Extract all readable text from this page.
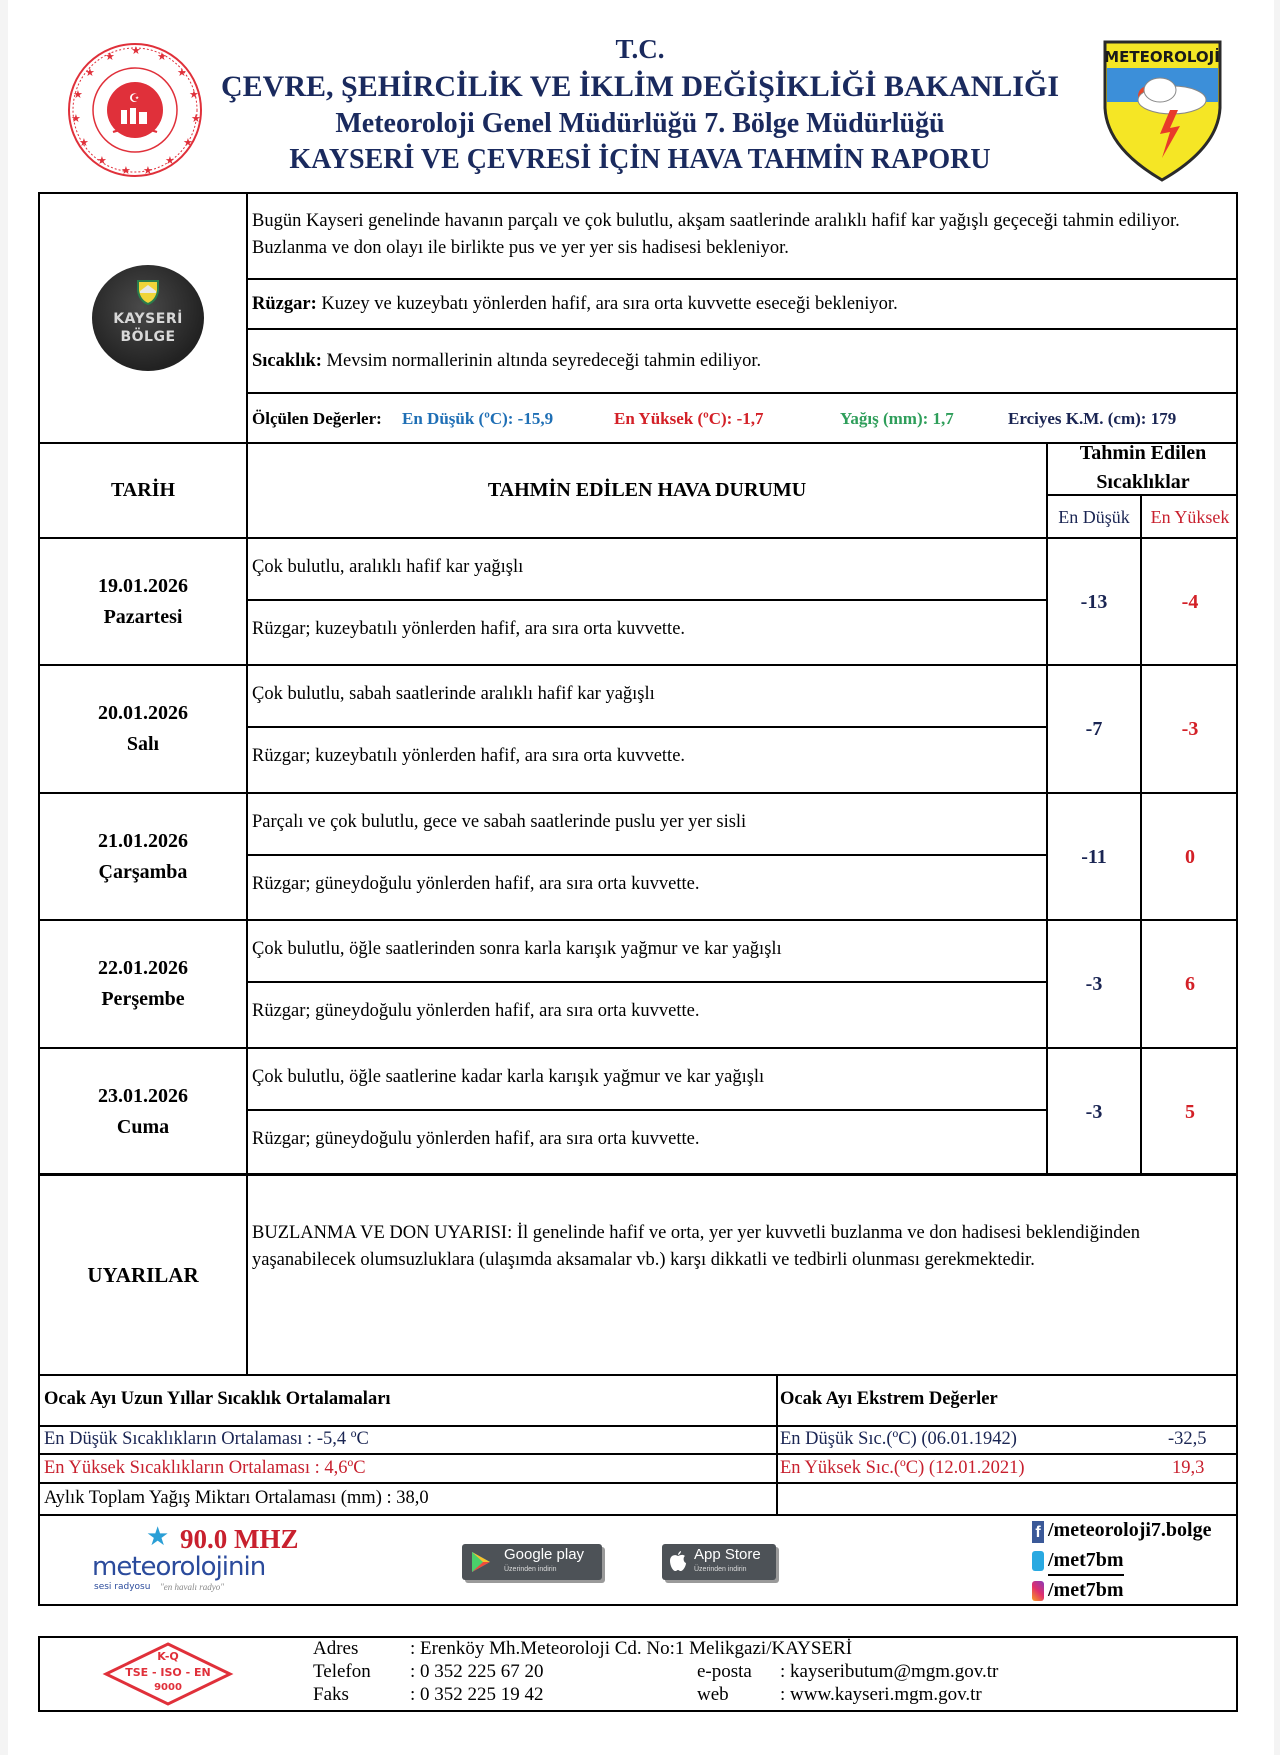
★
★	★
★	★
★	★
★	★
★	★
★	★
★ ★
☪
T.C.
ÇEVRE, ŞEHİRCİLİK VE İKLİM DEĞİŞİKLİĞİ BAKANLIĞI
Meteoroloji Genel Müdürlüğü 7. Bölge Müdürlüğü
KAYSERİ VE ÇEVRESİ İÇİN HAVA TAHMİN RAPORU
METEOROLOJİ
KAYSERİ
BÖLGE
Bugün Kayseri genelinde havanın parçalı ve çok bulutlu, akşam saatlerinde aralıklı hafif kar yağışlı geçeceği tahmin ediliyor. Buzlanma ve don olayı ile birlikte pus ve yer yer sis hadisesi bekleniyor.
Rüzgar: Kuzey ve kuzeybatı yönlerden hafif, ara sıra orta kuvvette eseceği bekleniyor.
Sıcaklık: Mevsim normallerinin altında seyredeceği tahmin ediliyor.
Ölçülen Değerler: En Düşük (ºC): -15,9	En Yüksek (ºC): -1,7	Yağış (mm): 1,7	Erciyes K.M. (cm): 179
TARİH	TAHMİN EDİLEN HAVA DURUMU
Tahmin Edilen
Sıcaklıklar
En Düşük	En Yüksek
19.01.2026
Pazartesi
Çok bulutlu, aralıklı hafif kar yağışlı
Rüzgar; kuzeybatılı yönlerden hafif, ara sıra orta kuvvette.
-13	-4
20.01.2026
Salı
Çok bulutlu, sabah saatlerinde aralıklı hafif kar yağışlı
Rüzgar; kuzeybatılı yönlerden hafif, ara sıra orta kuvvette.
-7	-3
21.01.2026
Çarşamba
Parçalı ve çok bulutlu, gece ve sabah saatlerinde puslu yer yer sisli
Rüzgar; güneydoğulu yönlerden hafif, ara sıra orta kuvvette.
-11	0
22.01.2026
Perşembe
Çok bulutlu, öğle saatlerinden sonra karla karışık yağmur ve kar yağışlı
Rüzgar; güneydoğulu yönlerden hafif, ara sıra orta kuvvette.
-3	6
23.01.2026
Cuma
Çok bulutlu, öğle saatlerine kadar karla karışık yağmur ve kar yağışlı
Rüzgar; güneydoğulu yönlerden hafif, ara sıra orta kuvvette.
-3	5
UYARILAR
BUZLANMA VE DON UYARISI: İl genelinde hafif ve orta, yer yer kuvvetli buzlanma ve don hadisesi beklendiğinden yaşanabilecek olumsuzluklara (ulaşımda aksamalar vb.) karşı dikkatli ve tedbirli olunması gerekmektedir.
Ocak Ayı Uzun Yıllar Sıcaklık Ortalamaları
En Düşük Sıcaklıkların Ortalaması : -5,4 ºC
En Yüksek Sıcaklıkların Ortalaması : 4,6ºC
Aylık Toplam Yağış Miktarı Ortalaması (mm) : 38,0
Ocak Ayı Ekstrem Değerler
En Düşük Sıc.(ºC) (06.01.1942)	-32,5
En Yüksek Sıc.(ºC) (12.01.2021)	19,3
★ 90.0 MHZ
meteorolojinin
sesi radyosu "en havalı radyo"
Google play
Üzerinden indirin
App Store
Üzerinden indirin
f /meteoroloji7.bolge
/met7bm
/met7bm
K-Q
TSE - ISO - EN
9000
Adres	: Erenköy Mh.Meteoroloji Cd. No:1 Melikgazi/KAYSERİ
Telefon : 0 352 225 67 20
Faks	: 0 352 225 19 42
e-posta : kayseributum@mgm.gov.tr
web	: www.kayseri.mgm.gov.tr
